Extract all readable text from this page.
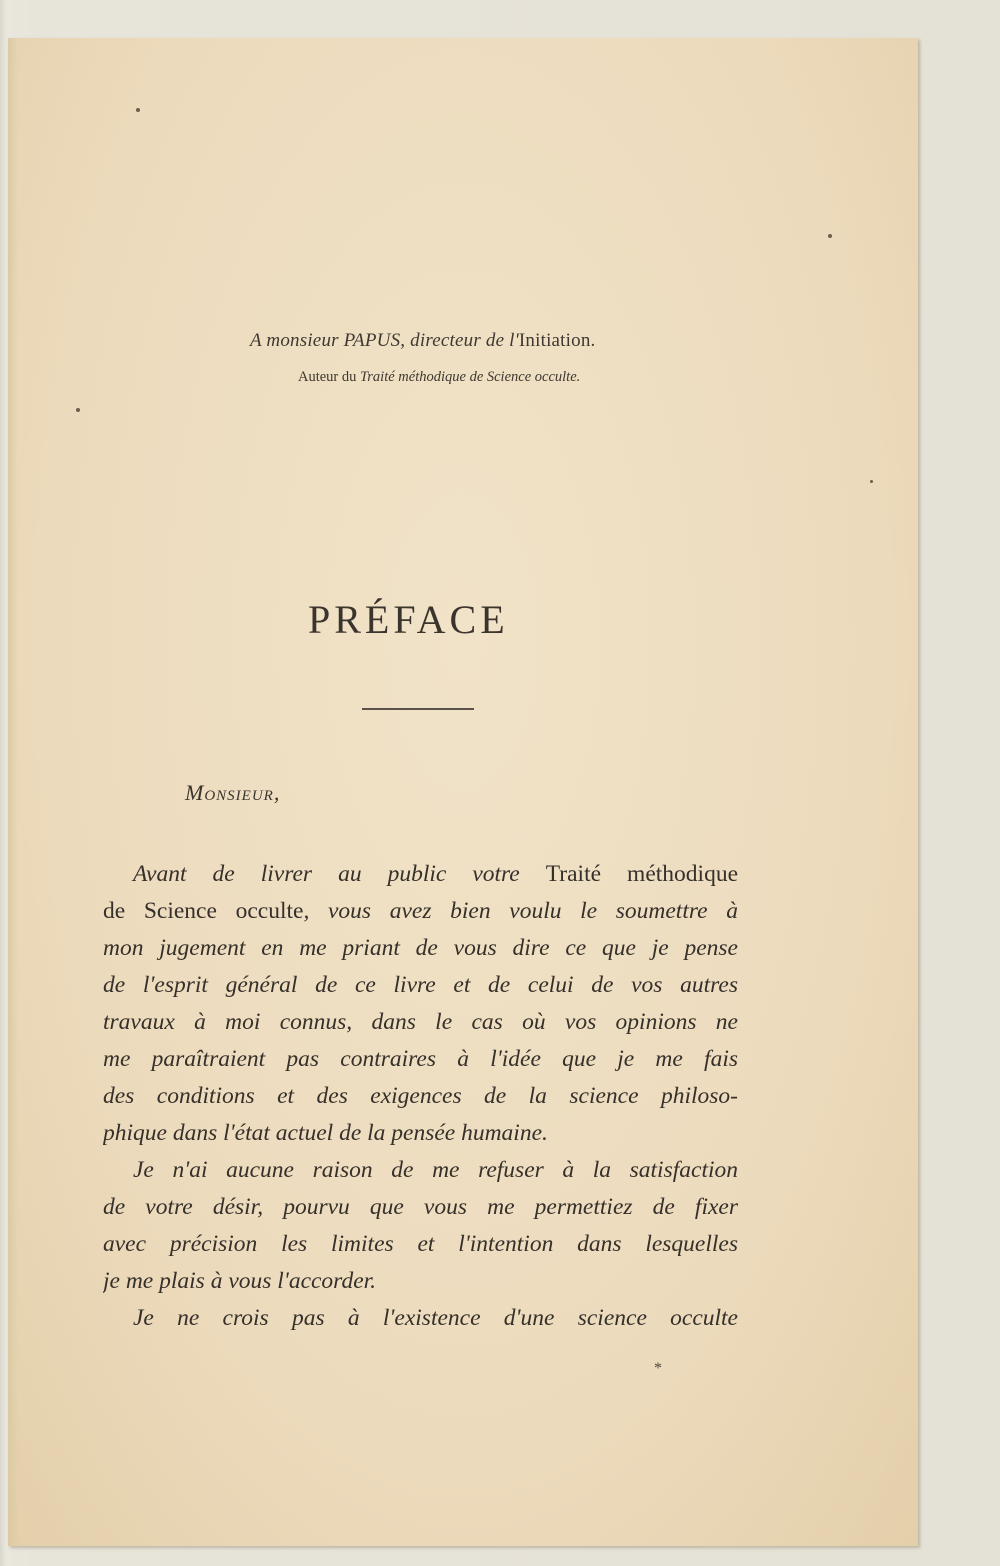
A monsieur PAPUS, directeur de l'Initiation.
Auteur du Traité méthodique de Science occulte.
PRÉFACE
Monsieur,
Avant de livrer au public votre Traité méthodique
de Science occulte, vous avez bien voulu le soumettre à
mon jugement en me priant de vous dire ce que je pense
de l'esprit général de ce livre et de celui de vos autres
travaux à moi connus, dans le cas où vos opinions ne
me paraîtraient pas contraires à l'idée que je me fais
des conditions et des exigences de la science philoso-
phique dans l'état actuel de la pensée humaine.
Je n'ai aucune raison de me refuser à la satisfaction
de votre désir, pourvu que vous me permettiez de fixer
avec précision les limites et l'intention dans lesquelles
je me plais à vous l'accorder.
Je ne crois pas à l'existence d'une science occulte
*
